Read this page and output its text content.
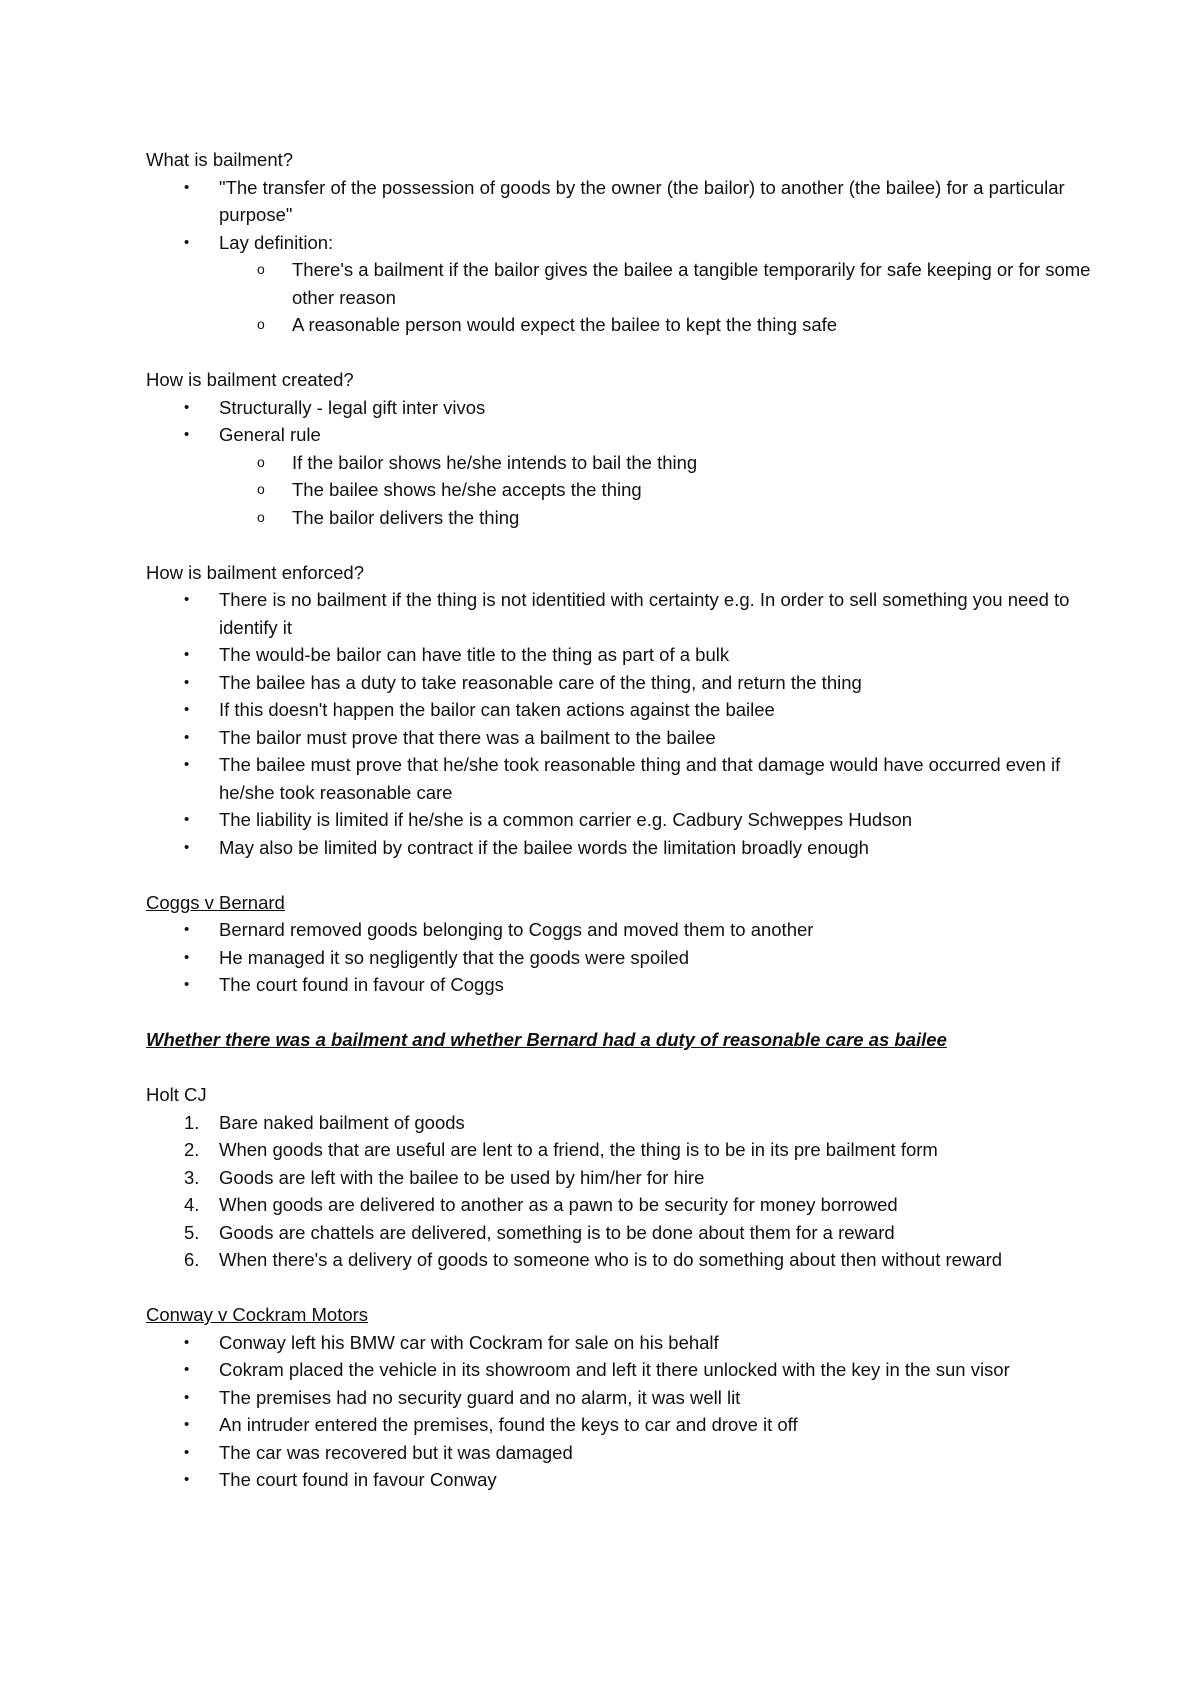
What is bailment?

• "The transfer of the possession of goods by the owner (the bailor) to another (the bailee) for a particular purpose"
• Lay definition:
o There's a bailment if the bailor gives the bailee a tangible temporarily for safe keeping or for some other reason
o A reasonable person would expect the bailee to kept the thing safe

How is bailment created?

• Structurally - legal gift inter vivos
• General rule
o If the bailor shows he/she intends to bail the thing
o The bailee shows he/she accepts the thing
o The bailor delivers the thing

How is bailment enforced?

• There is no bailment if the thing is not identitied with certainty e.g. In order to sell something you need to identify it
• The would-be bailor can have title to the thing as part of a bulk
• The bailee has a duty to take reasonable care of the thing, and return the thing
• If this doesn't happen the bailor can taken actions against the bailee
• The bailor must prove that there was a bailment to the bailee
• The bailee must prove that he/she took reasonable thing and that damage would have occurred even if he/she took reasonable care
• The liability is limited if he/she is a common carrier e.g. Cadbury Schweppes Hudson
• May also be limited by contract if the bailee words the limitation broadly enough

Coggs v Bernard

• Bernard removed goods belonging to Coggs and moved them to another
• He managed it so negligently that the goods were spoiled
• The court found in favour of Coggs

Whether there was a bailment and whether Bernard had a duty of reasonable care as bailee

Holt CJ

1.	Bare naked bailment of goods
2.	When goods that are useful are lent to a friend, the thing is to be in its pre bailment form
3.	Goods are left with the bailee to be used by him/her for hire
4.	When goods are delivered to another as a pawn to be security for money borrowed
5.	Goods are chattels are delivered, something is to be done about them for a reward
6.	When there's a delivery of goods to someone who is to do something about then without reward

Conway v Cockram Motors

• Conway left his BMW car with Cockram for sale on his behalf
• Cokram placed the vehicle in its showroom and left it there unlocked with the key in the sun visor
• The premises had no security guard and no alarm, it was well lit
• An intruder entered the premises, found the keys to car and drove it off
• The car was recovered but it was damaged
• The court found in favour Conway
